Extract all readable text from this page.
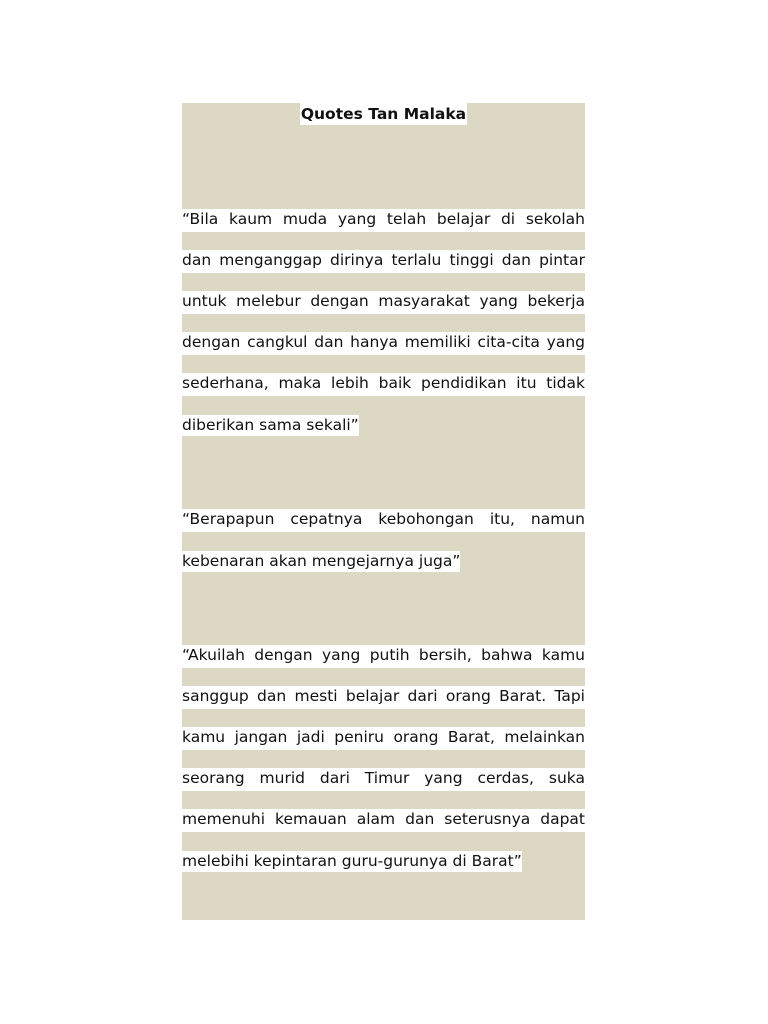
Quotes Tan Malaka
“Bila kaum muda yang telah belajar di sekolah
dan menganggap dirinya terlalu tinggi dan pintar
untuk melebur dengan masyarakat yang bekerja
dengan cangkul dan hanya memiliki cita-cita yang
sederhana, maka lebih baik pendidikan itu tidak
diberikan sama sekali”
“Berapapun cepatnya kebohongan itu, namun
kebenaran akan mengejarnya juga”
“Akuilah dengan yang putih bersih, bahwa kamu
sanggup dan mesti belajar dari orang Barat. Tapi
kamu jangan jadi peniru orang Barat, melainkan
seorang murid dari Timur yang cerdas, suka
memenuhi kemauan alam dan seterusnya dapat
melebihi kepintaran guru-gurunya di Barat”
